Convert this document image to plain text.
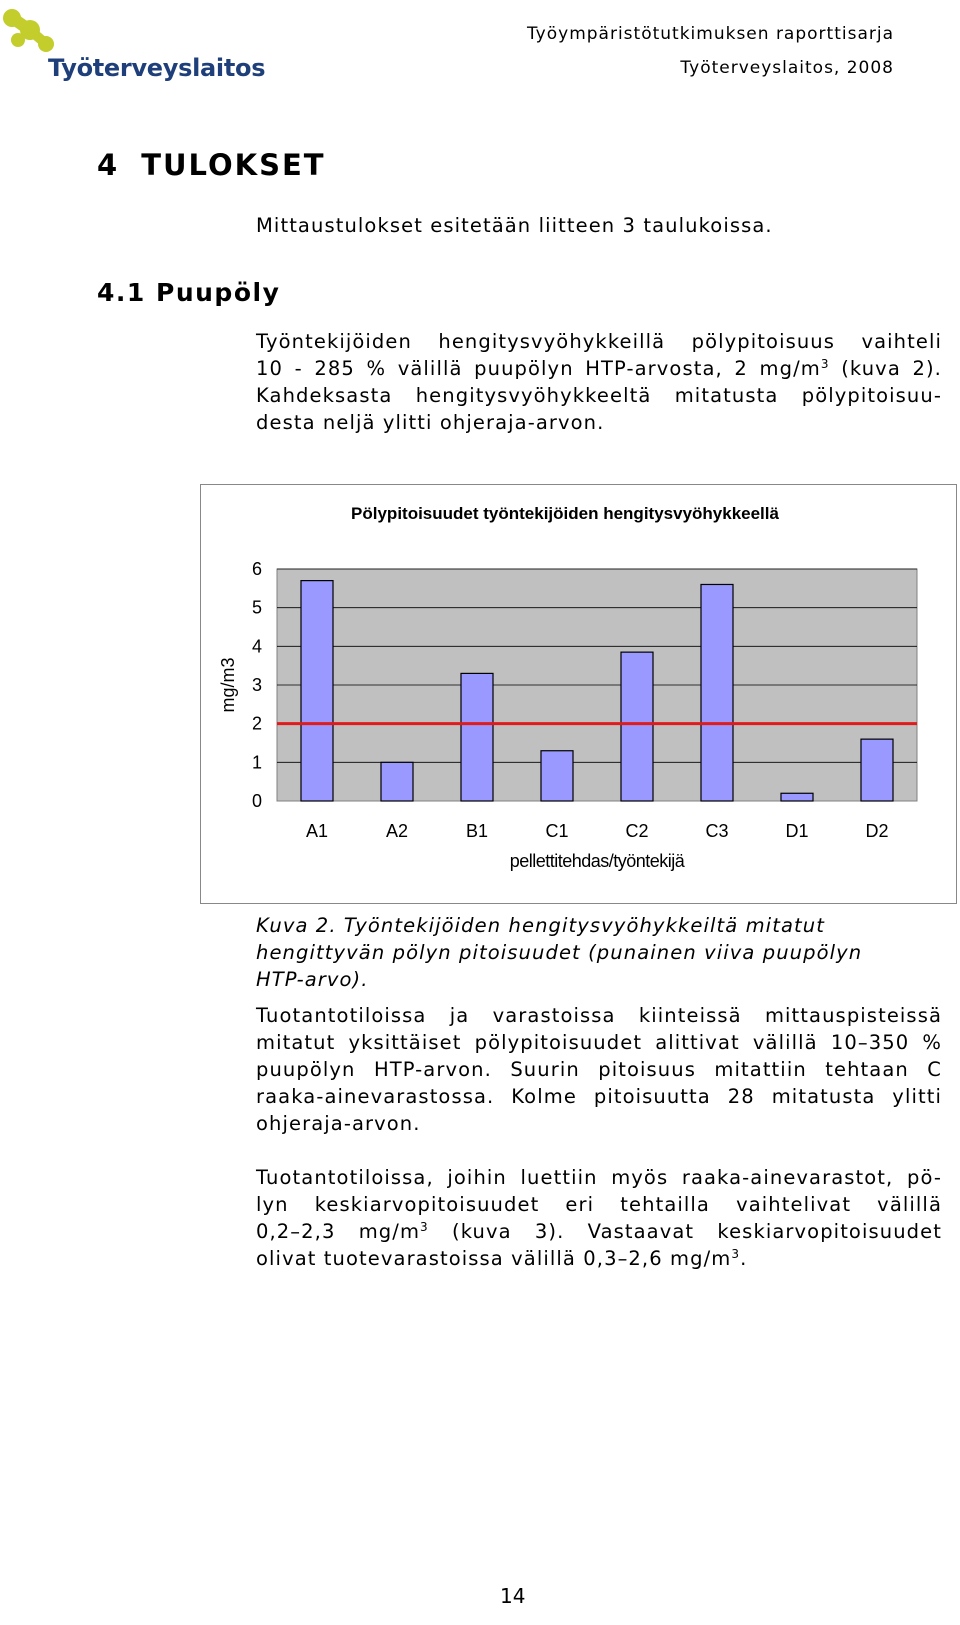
Työterveyslaitos
Työympäristötutkimuksen raporttisarja
Työterveyslaitos, 2008
4 TULOKSET

Mittaustulokset esitetään liitteen 3 taulukoissa.

4.1 Puupöly
Työntekijöiden hengitysvyöhykkeillä pölypitoisuus vaihteli
10 - 285 % välillä puupölyn HTP-arvosta, 2 $mg/m^3$ (kuva 2).
Kahdeksasta hengitysvyöhykkeeltä mitatusta pölypitoisuu-
desta neljä ylitti ohjeraja-arvon.
Pölypitoisuudet työntekijöiden hengitysvyöhykkeellä
0
1
2
3
4
5
6
A1	A2	B1	C1	C2	C3	D1	D2
mg/m3
pellettitehdas/työntekijä
Kuva 2. Työntekijöiden hengitysvyöhykkeiltä mitatut
hengittyvän pölyn pitoisuudet (punainen viiva puupölyn
HTP-arvo).
Tuotantotiloissa ja varastoissa kiinteissä mittauspisteissä
mitatut yksittäiset pölypitoisuudet alittivat välillä 10–350 %
puupölyn HTP-arvon. Suurin pitoisuus mitattiin tehtaan C
raaka-ainevarastossa. Kolme pitoisuutta 28 mitatusta ylitti
ohjeraja-arvon.
Tuotantotiloissa, joihin luettiin myös raaka-ainevarastot, pö-
lyn keskiarvopitoisuudet eri tehtailla vaihtelivat välillä
0,2–2,3 $mg/m^3$ (kuva 3). Vastaavat keskiarvopitoisuudet
olivat tuotevarastoissa välillä 0,3–2,6 $mg/m^3$.
14
